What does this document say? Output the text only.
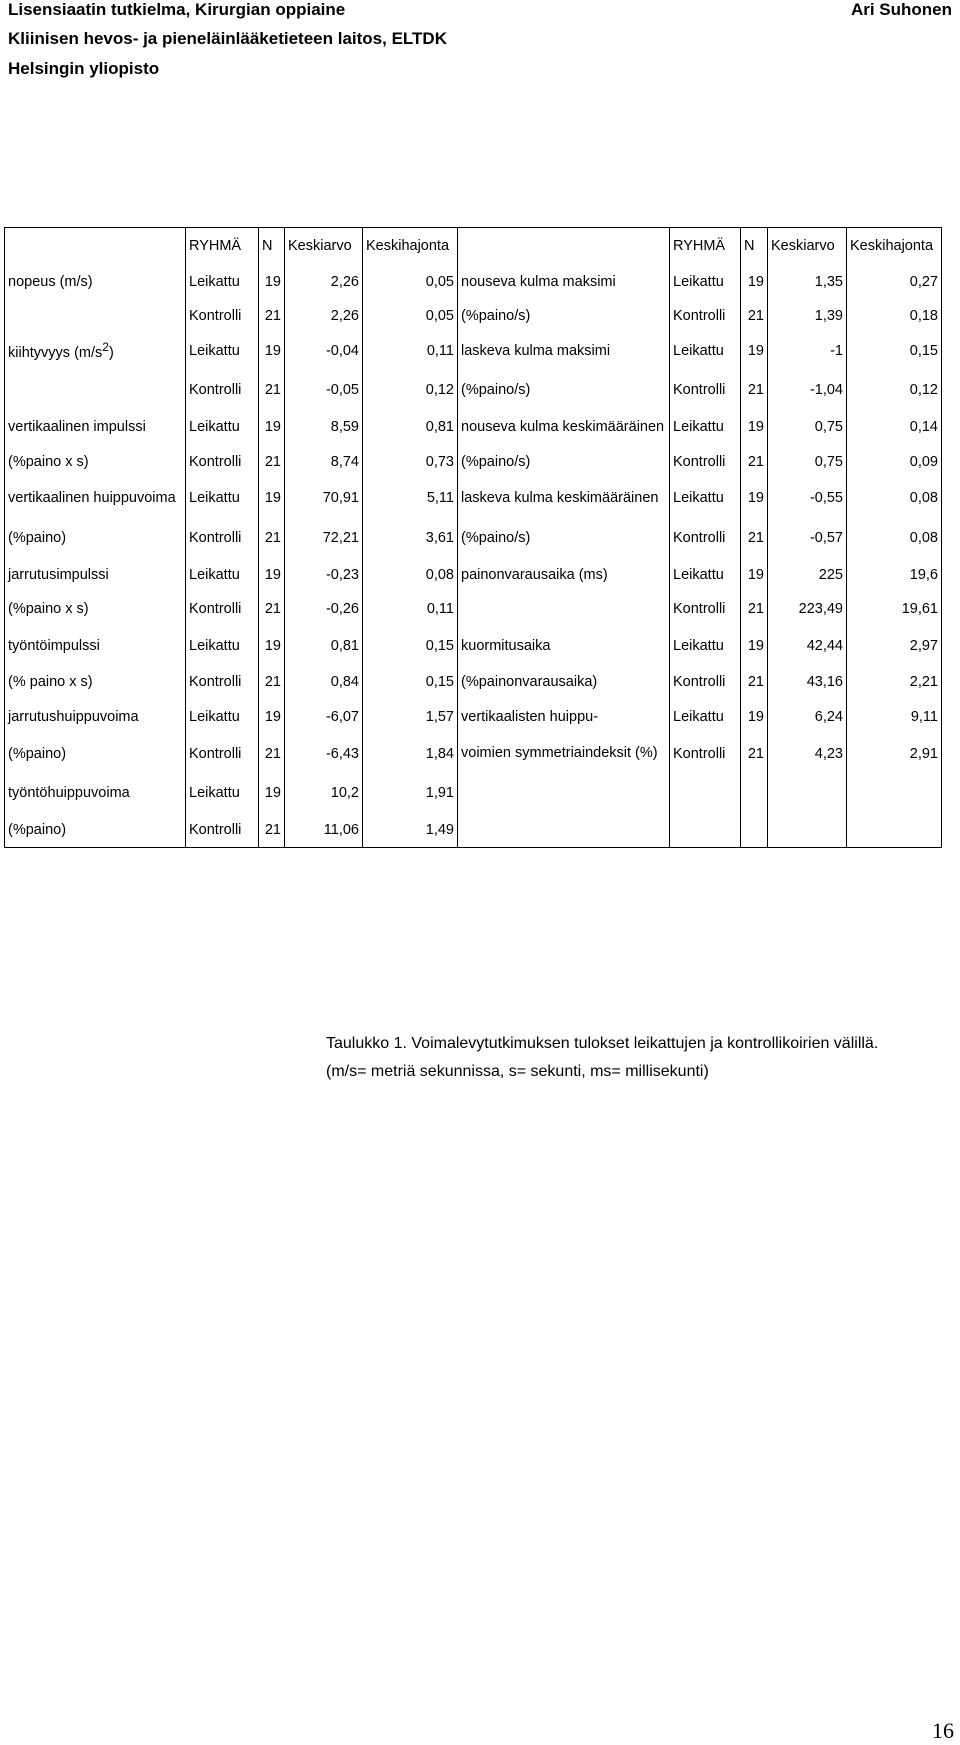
Lisensiaatin tutkielma, Kirurgian oppiaine
Kliinisen hevos- ja pieneläinlääketieteen laitos, ELTDK
Helsingin yliopisto
Ari Suhonen
	RYHMÄ	N	Keskiarvo	Keskihajonta		RYHMÄ	N	Keskiarvo	Keskihajonta
nopeus (m/s)	Leikattu	19	2,26	0,05	nouseva kulma maksimi	Leikattu	19	1,35	0,27
	Kontrolli	21	2,26	0,05	(%paino/s)	Kontrolli	21	1,39	0,18
kiihtyvyys $(m/s^2)$	Leikattu	19	-0,04	0,11	laskeva kulma maksimi	Leikattu	19	-1	0,15
	Kontrolli	21	-0,05	0,12	(%paino/s)	Kontrolli	21	-1,04	0,12
vertikaalinen impulssi	Leikattu	19	8,59	0,81	nouseva kulma keskimääräinen	Leikattu	19	0,75	0,14
(%paino x s)	Kontrolli	21	8,74	0,73	(%paino/s)	Kontrolli	21	0,75	0,09
vertikaalinen huippuvoima	Leikattu	19	70,91	5,11	laskeva kulma keskimääräinen	Leikattu	19	-0,55	0,08
(%paino)	Kontrolli	21	72,21	3,61	(%paino/s)	Kontrolli	21	-0,57	0,08
jarrutusimpulssi	Leikattu	19	-0,23	0,08	painonvarausaika (ms)	Leikattu	19	225	19,6
(%paino x s)	Kontrolli	21	-0,26	0,11		Kontrolli	21	223,49	19,61
työntöimpulssi	Leikattu	19	0,81	0,15	kuormitusaika	Leikattu	19	42,44	2,97
(% paino x s)	Kontrolli	21	0,84	0,15	(%painonvarausaika)	Kontrolli	21	43,16	2,21
jarrutushuippuvoima	Leikattu	19	-6,07	1,57	vertikaalisten huippu-	Leikattu	19	6,24	9,11
(%paino)	Kontrolli	21	-6,43	1,84	voimien symmetriaindeksit (%)	Kontrolli	21	4,23	2,91
työntöhuippuvoima	Leikattu	19	10,2	1,91					
(%paino)	Kontrolli	21	11,06	1,49					
Taulukko 1. Voimalevytutkimuksen tulokset leikattujen ja kontrollikoirien välillä.
(m/s= metriä sekunnissa, s= sekunti, ms= millisekunti)
16
